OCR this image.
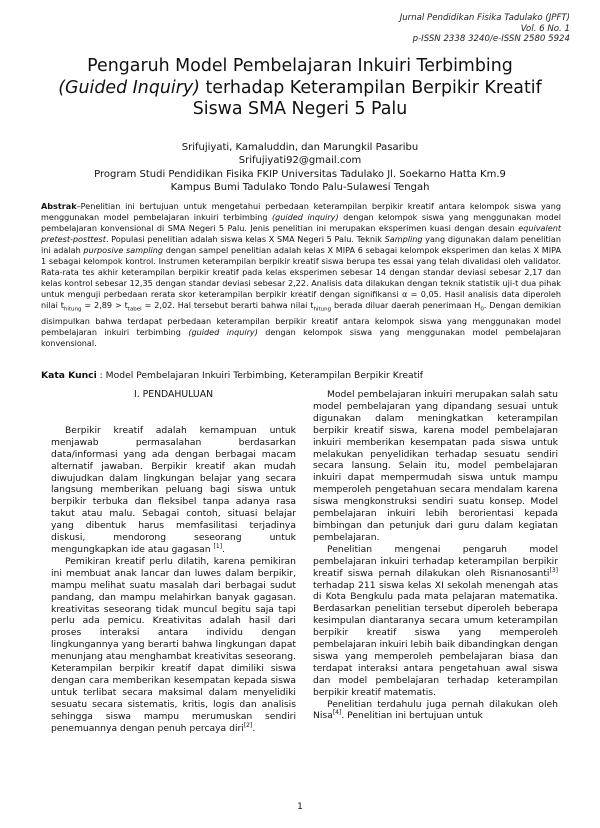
Jurnal Pendidikan Fisika Tadulako (JPFT)
Vol. 6 No. 1
p-ISSN 2338 3240/e-ISSN 2580 5924
Pengaruh Model Pembelajaran Inkuiri Terbimbing
(Guided Inquiry) terhadap Keterampilan Berpikir Kreatif
Siswa SMA Negeri 5 Palu
Srifujiyati, Kamaluddin, dan Marungkil Pasaribu
Srifujiyati92@gmail.com
Program Studi Pendidikan Fisika FKIP Universitas Tadulako Jl. Soekarno Hatta Km.9
Kampus Bumi Tadulako Tondo Palu-Sulawesi Tengah
Abstrak–Penelitian ini bertujuan untuk mengetahui perbedaan keterampilan berpikir kreatif antara kelompok siswa yang menggunakan model pembelajaran inkuiri terbimbing (guided inquiry) dengan kelompok siswa yang menggunakan model pembelajaran konvensional di SMA Negeri 5 Palu. Jenis penelitian ini merupakan eksperimen kuasi dengan desain equivalent pretest-posttest. Populasi penelitian adalah siswa kelas X SMA Negeri 5 Palu. Teknik Sampling yang digunakan dalam penelitian ini adalah purposive sampling dengan sampel penelitian adalah kelas X MIPA 6 sebagai kelompok eksperimen dan kelas X MIPA 1 sebagai kelompok kontrol. Instrumen keterampilan berpikir kreatif siswa berupa tes essai yang telah divalidasi oleh validator. Rata-rata tes akhir keterampilan berpikir kreatif pada kelas eksperimen sebesar 14 dengan standar deviasi sebesar 2,17 dan kelas kontrol sebesar 12,35 dengan standar deviasi sebesar 2,22. Analisis data dilakukan dengan teknik statistik uji-t dua pihak untuk menguji perbedaan rerata skor keterampilan berpikir kreatif dengan signifikansi α = 0,05. Hasil analisis data diperoleh nilai $t_{hitung} = 2,89 > t_{tabel} = 2,02$. Hal tersebut berarti bahwa nilai $t_{hitung}$ berada diluar daerah penerimaan $H_0$. Dengan demikian disimpulkan bahwa terdapat perbedaan keterampilan berpikir kreatif antara kelompok siswa yang menggunakan model pembelajaran inkuiri terbimbing (guided inquiry) dengan kelompok siswa yang menggunakan model pembelajaran konvensional.
Kata Kunci : Model Pembelajaran Inkuiri Terbimbing, Keterampilan Berpikir Kreatif
I. PENDAHULUAN

Berpikir kreatif adalah kemampuan untuk menjawab permasalahan berdasarkan data/informasi yang ada dengan berbagai macam alternatif jawaban. Berpikir kreatif akan mudah diwujudkan dalam lingkungan belajar yang secara langsung memberikan peluang bagi siswa untuk berpikir terbuka dan fleksibel tanpa adanya rasa takut atau malu. Sebagai contoh, situasi belajar yang dibentuk harus memfasilitasi terjadinya diskusi, mendorong seseorang untuk mengungkapkan ide atau gagasan [1].

Pemikiran kreatif perlu dilatih, karena pemikiran ini membuat anak lancar dan luwes dalam berpikir, mampu melihat suatu masalah dari berbagai sudut pandang, dan mampu melahirkan banyak gagasan. kreativitas seseorang tidak muncul begitu saja tapi perlu ada pemicu. Kreativitas adalah hasil dari proses interaksi antara individu dengan lingkungannya yang berarti bahwa lingkungan dapat menunjang atau menghambat kreativitas seseorang. Keterampilan berpikir kreatif dapat dimiliki siswa dengan cara memberikan kesempatan kepada siswa untuk terlibat secara maksimal dalam menyelidiki sesuatu secara sistematis, kritis, logis dan analisis sehingga siswa mampu merumuskan sendiri penemuannya dengan penuh percaya diri[2].

Model pembelajaran inkuiri merupakan salah satu model pembelajaran yang dipandang sesuai untuk digunakan dalam meningkatkan keterampilan berpikir kreatif siswa, karena model pembelajaran inkuiri memberikan kesempatan pada siswa untuk melakukan penyelidikan terhadap sesuatu sendiri secara lansung. Selain itu, model pembelajaran inkuiri dapat mempermudah siswa untuk mampu memperoleh pengetahuan secara mendalam karena siswa mengkonstruksi sendiri suatu konsep. Model pembelajaran inkuiri lebih berorientasi kepada bimbingan dan petunjuk dari guru dalam kegiatan pembelajaran.

Penelitian mengenai pengaruh model pembelajaran inkuiri terhadap keterampilan berpikir kreatif siswa pernah dilakukan oleh Risnanosanti[3] terhadap 211 siswa kelas XI sekolah menengah atas di Kota Bengkulu pada mata pelajaran matematika. Berdasarkan penelitian tersebut diperoleh beberapa kesimpulan diantaranya secara umum keterampilan berpikir kreatif siswa yang memperoleh pembelajaran inkuiri lebih baik dibandingkan dengan siswa yang memperoleh pembelajaran biasa dan terdapat interaksi antara pengetahuan awal siswa dan model pembelajaran terhadap keterampilan berpikir kreatif matematis.

Penelitian terdahulu juga pernah dilakukan oleh Nisa[4]. Penelitian ini bertujuan untuk

1
